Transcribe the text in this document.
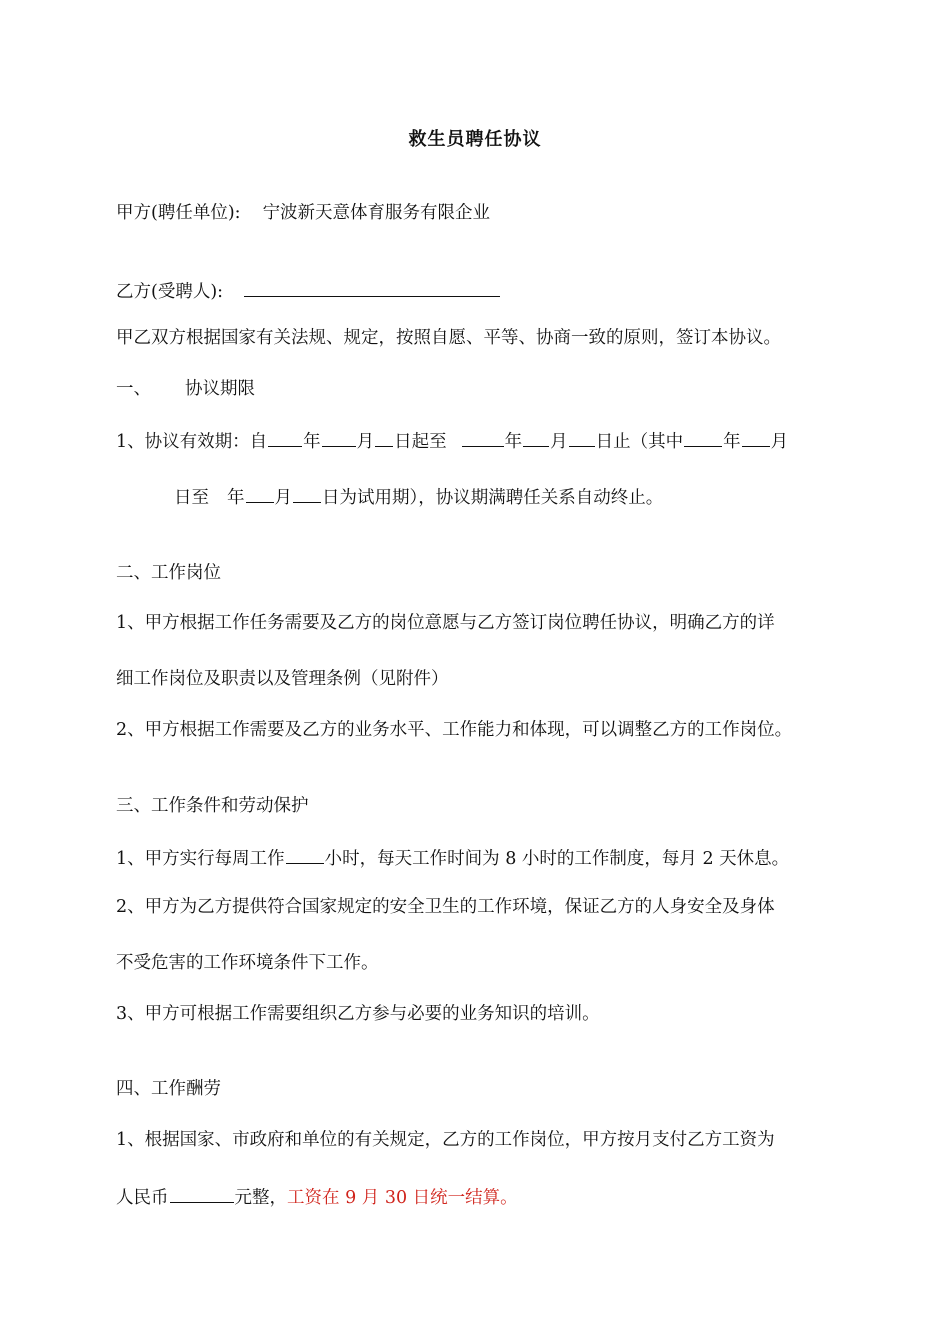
救生员聘任协议
甲方(聘任单位): 宁波新天意体育服务有限企业
乙方(受聘人):
甲乙双方根据国家有关法规、规定，按照自愿、平等、协商一致的原则，签订本协议。
一、 协议期限
1、协议有效期：自 年 月 日起至	年 月 日止（其中 年 月
日至 年 月 日为试用期），协议期满聘任关系自动终止。
二、工作岗位
1、甲方根据工作任务需要及乙方的岗位意愿与乙方签订岗位聘任协议，明确乙方的详
细工作岗位及职责以及管理条例（见附件）
2、甲方根据工作需要及乙方的业务水平、工作能力和体现，可以调整乙方的工作岗位。
三、工作条件和劳动保护
1、甲方实行每周工作 小时，每天工作时间为 8 小时的工作制度，每月 2 天休息。
2、甲方为乙方提供符合国家规定的安全卫生的工作环境，保证乙方的人身安全及身体
不受危害的工作环境条件下工作。
3、甲方可根据工作需要组织乙方参与必要的业务知识的培训。
四、工作酬劳
1、根据国家、市政府和单位的有关规定，乙方的工作岗位，甲方按月支付乙方工资为
人民币	元整，工资在 9 月 30 日统一结算。
